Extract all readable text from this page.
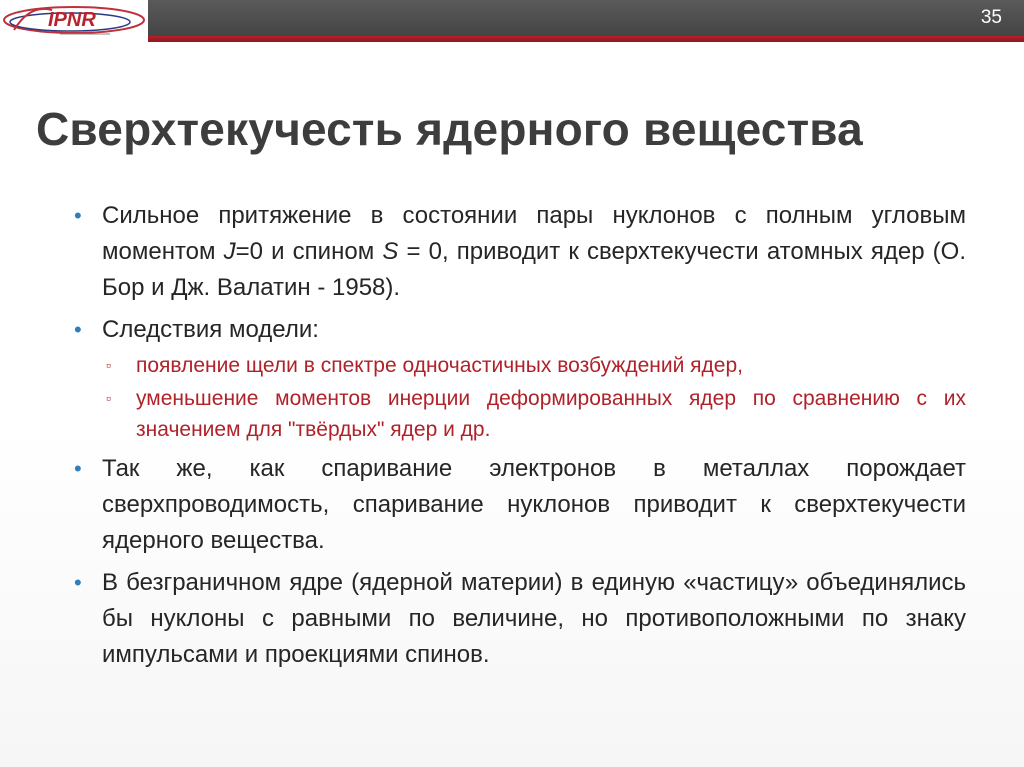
IPNR	35
Сверхтекучесть ядерного вещества
• Сильное притяжение в состоянии пары нуклонов с полным угловым моментом J=0 и спином S = 0, приводит к сверхтекучести атомных ядер (О. Бор и Дж. Валатин - 1958).
• Следствия модели:
▫ появление щели в спектре одночастичных возбуждений ядер,
▫ уменьшение моментов инерции деформированных ядер по сравнению с их значением для "твёрдых" ядер и др.
• Так же, как спаривание электронов в металлах порождает сверхпроводимость, спаривание нуклонов приводит к сверхтекучести ядерного вещества.
• В безграничном ядре (ядерной материи) в единую «частицу» объединялись бы нуклоны с равными по величине, но противоположными по знаку импульсами и проекциями спинов.
